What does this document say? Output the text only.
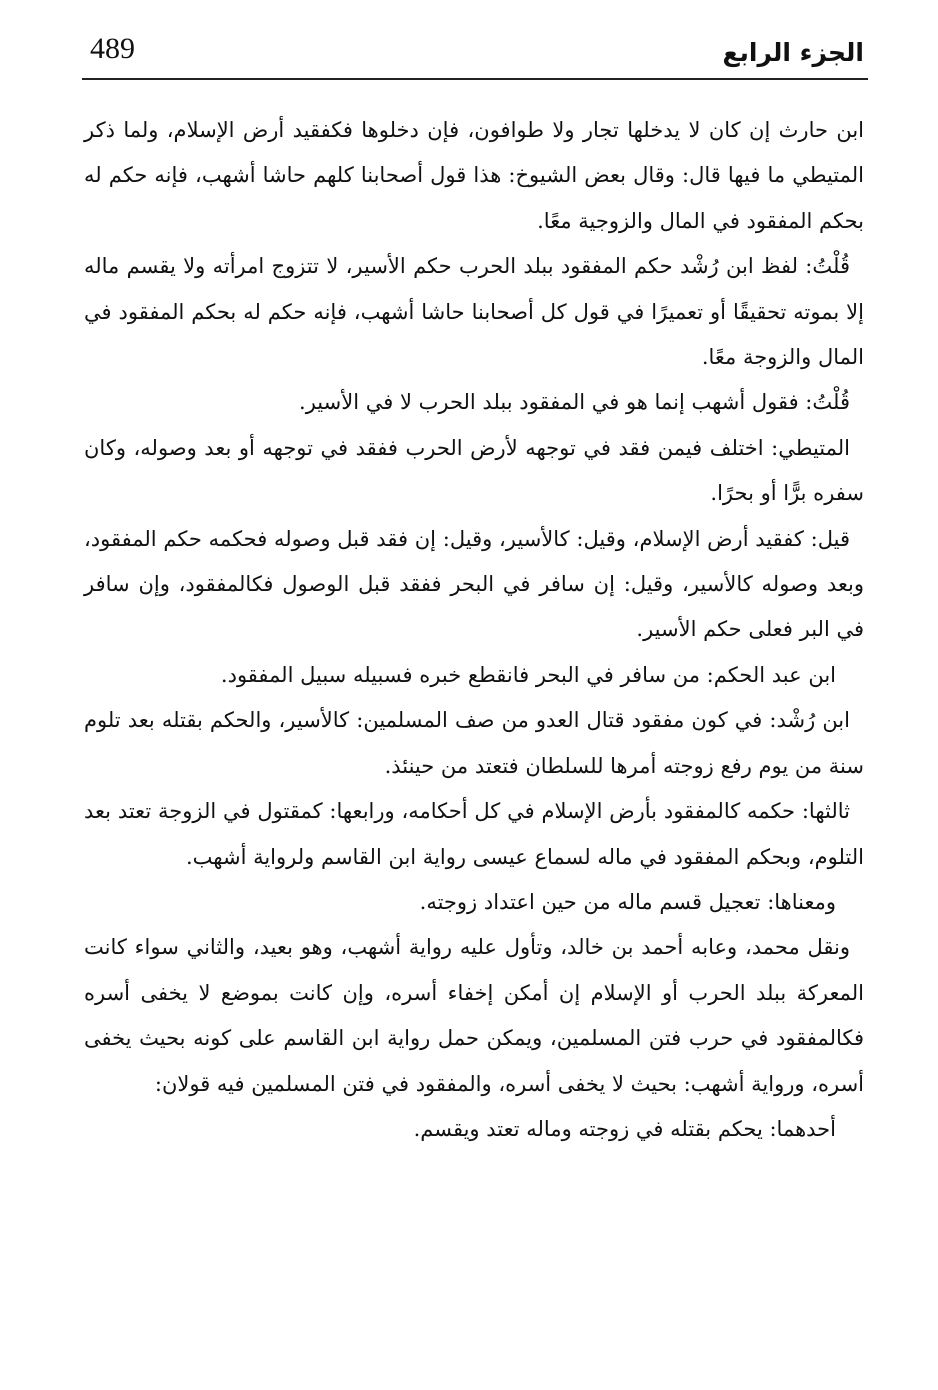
489	الجزء الرابع

ابن حارث إن كان لا يدخلها تجار ولا طوافون، فإن دخلوها فكفقيد أرض الإسلام، ولما ذكر المتيطي ما فيها قال: وقال بعض الشيوخ: هذا قول أصحابنا كلهم حاشا أشهب، فإنه حكم له بحكم المفقود في المال والزوجية معًا.

قُلْتُ: لفظ ابن رُشْد حكم المفقود ببلد الحرب حكم الأسير، لا تتزوج امرأته ولا يقسم ماله إلا بموته تحقيقًا أو تعميرًا في قول كل أصحابنا حاشا أشهب، فإنه حكم له بحكم المفقود في المال والزوجة معًا.

قُلْتُ: فقول أشهب إنما هو في المفقود ببلد الحرب لا في الأسير.

المتيطي: اختلف فيمن فقد في توجهه لأرض الحرب ففقد في توجهه أو بعد وصوله، وكان سفره برًّا أو بحرًا.

قيل: كفقيد أرض الإسلام، وقيل: كالأسير، وقيل: إن فقد قبل وصوله فحكمه حكم المفقود، وبعد وصوله كالأسير، وقيل: إن سافر في البحر ففقد قبل الوصول فكالمفقود، وإن سافر في البر فعلى حكم الأسير.

ابن عبد الحكم: من سافر في البحر فانقطع خبره فسبيله سبيل المفقود.

ابن رُشْد: في كون مفقود قتال العدو من صف المسلمين: كالأسير، والحكم بقتله بعد تلوم سنة من يوم رفع زوجته أمرها للسلطان فتعتد من حينئذ.

ثالثها: حكمه كالمفقود بأرض الإسلام في كل أحكامه، ورابعها: كمقتول في الزوجة تعتد بعد التلوم، وبحكم المفقود في ماله لسماع عيسى رواية ابن القاسم ولرواية أشهب.

ومعناها: تعجيل قسم ماله من حين اعتداد زوجته.

ونقل محمد، وعابه أحمد بن خالد، وتأول عليه رواية أشهب، وهو بعيد، والثاني سواء كانت المعركة ببلد الحرب أو الإسلام إن أمكن إخفاء أسره، وإن كانت بموضع لا يخفى أسره فكالمفقود في حرب فتن المسلمين، ويمكن حمل رواية ابن القاسم على كونه بحيث يخفى أسره، ورواية أشهب: بحيث لا يخفى أسره، والمفقود في فتن المسلمين فيه قولان:

أحدهما: يحكم بقتله في زوجته وماله تعتد ويقسم.
